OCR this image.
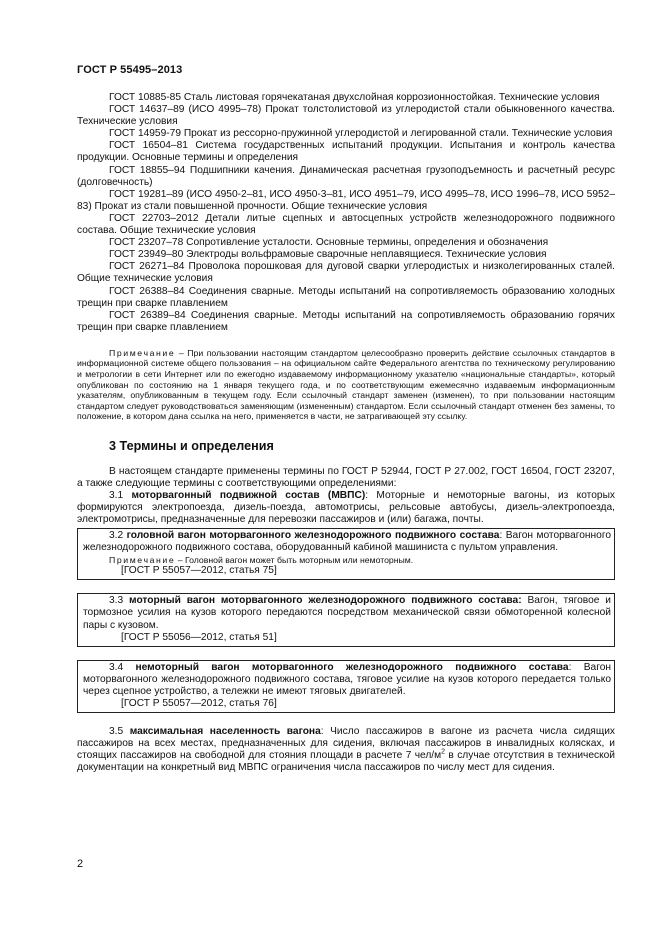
ГОСТ Р 55495–2013

ГОСТ 10885-85 Сталь листовая горячекатаная двухслойная коррозионностойкая. Технические условия

ГОСТ 14637–89 (ИСО 4995–78) Прокат толстолистовой из углеродистой стали обыкновенного качества. Технические условия

ГОСТ 14959-79 Прокат из рессорно-пружинной углеродистой и легированной стали. Технические условия

ГОСТ 16504–81 Система государственных испытаний продукции. Испытания и контроль качества продукции. Основные термины и определения

ГОСТ 18855–94 Подшипники качения. Динамическая расчетная грузоподъемность и расчетный ресурс (долговечность)

ГОСТ 19281–89 (ИСО 4950-2–81, ИСО 4950-3–81, ИСО 4951–79, ИСО 4995–78, ИСО 1996–78, ИСО 5952–83) Прокат из стали повышенной прочности. Общие технические условия

ГОСТ 22703–2012 Детали литые сцепных и автосцепных устройств железнодорожного подвижного состава. Общие технические условия

ГОСТ 23207–78 Сопротивление усталости. Основные термины, определения и обозначения

ГОСТ 23949–80 Электроды вольфрамовые сварочные неплавящиеся. Технические условия

ГОСТ 26271–84 Проволока порошковая для дуговой сварки углеродистых и низколегированных сталей. Общие технические условия

ГОСТ 26388–84 Соединения сварные. Методы испытаний на сопротивляемость образованию холодных трещин при сварке плавлением

ГОСТ 26389–84 Соединения сварные. Методы испытаний на сопротивляемость образованию горячих трещин при сварке плавлением

Примечание – При пользовании настоящим стандартом целесообразно проверить действие ссылочных стандартов в информационной системе общего пользования – на официальном сайте Федерального агентства по техническому регулированию и метрологии в сети Интернет или по ежегодно издаваемому информационному указателю «национальные стандарты», который опубликован по состоянию на 1 января текущего года, и по соответствующим ежемесячно издаваемым информационным указателям, опубликованным в текущем году. Если ссылочный стандарт заменен (изменен), то при пользовании настоящим стандартом следует руководствоваться заменяющим (измененным) стандартом. Если ссылочный стандарт отменен без замены, то положение, в котором дана ссылка на него, применяется в части, не затрагивающей эту ссылку.
3 Термины и определения

В настоящем стандарте применены термины по ГОСТ Р 52944, ГОСТ Р 27.002, ГОСТ 16504, ГОСТ 23207, а также следующие термины с соответствующими определениями:

3.1 моторвагонный подвижной состав (МВПС): Моторные и немоторные вагоны, из которых формируются электропоезда, дизель-поезда, автомотрисы, рельсовые автобусы, дизель-электропоезда, электромотрисы, предназначенные для перевозки пассажиров и (или) багажа, почты.

3.2 головной вагон моторвагонного железнодорожного подвижного состава: Вагон моторвагонного железнодорожного подвижного состава, оборудованный кабиной машиниста с пультом управления.

Примечание – Головной вагон может быть моторным или немоторным.

[ГОСТ Р 55057—2012, статья 75]

3.3 моторный вагон моторвагонного железнодорожного подвижного состава: Вагон, тяговое и тормозное усилия на кузов которого передаются посредством механической связи обмоторенной колесной пары с кузовом.

[ГОСТ Р 55056—2012, статья 51]

3.4 немоторный вагон моторвагонного железнодорожного подвижного состава: Вагон моторвагонного железнодорожного подвижного состава, тяговое усилие на кузов которого передается только через сцепное устройство, а тележки не имеют тяговых двигателей.

[ГОСТ Р 55057—2012, статья 76]

3.5 максимальная населенность вагона: Число пассажиров в вагоне из расчета числа сидящих пассажиров на всех местах, предназначенных для сидения, включая пассажиров в инвалидных колясках, и стоящих пассажиров на свободной для стояния площади в расчете 7 чел/$м^2$ в случае отсутствия в технической документации на конкретный вид МВПС ограничения числа пассажиров по числу мест для сидения.

2
